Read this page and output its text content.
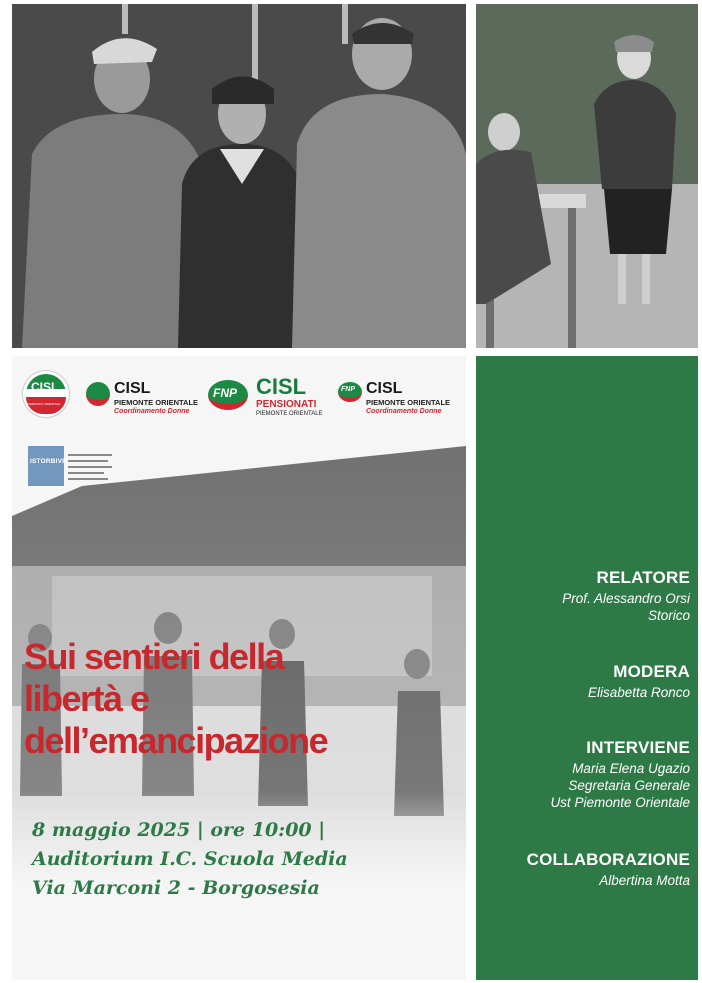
CISL
PIEMONTE ORIENTALE
CISL
PIEMONTE ORIENTALE
Coordinamento Donne
FNP CISL
PENSIONATI
PIEMONTE ORIENTALE
FNP CISL
PIEMONTE ORIENTALE
Coordinamento Donne
ISTORBIVE
Sui sentieri della
libertà e
dell’emancipazione
8 maggio 2025 | ore 10:00 |
Auditorium I.C. Scuola Media
Via Marconi 2 - Borgosesia
RELATORE
Prof. Alessandro Orsi
Storico
MODERA
Elisabetta Ronco
INTERVIENE
Maria Elena Ugazio
Segretaria Generale
Ust Piemonte Orientale
COLLABORAZIONE
Albertina Motta
